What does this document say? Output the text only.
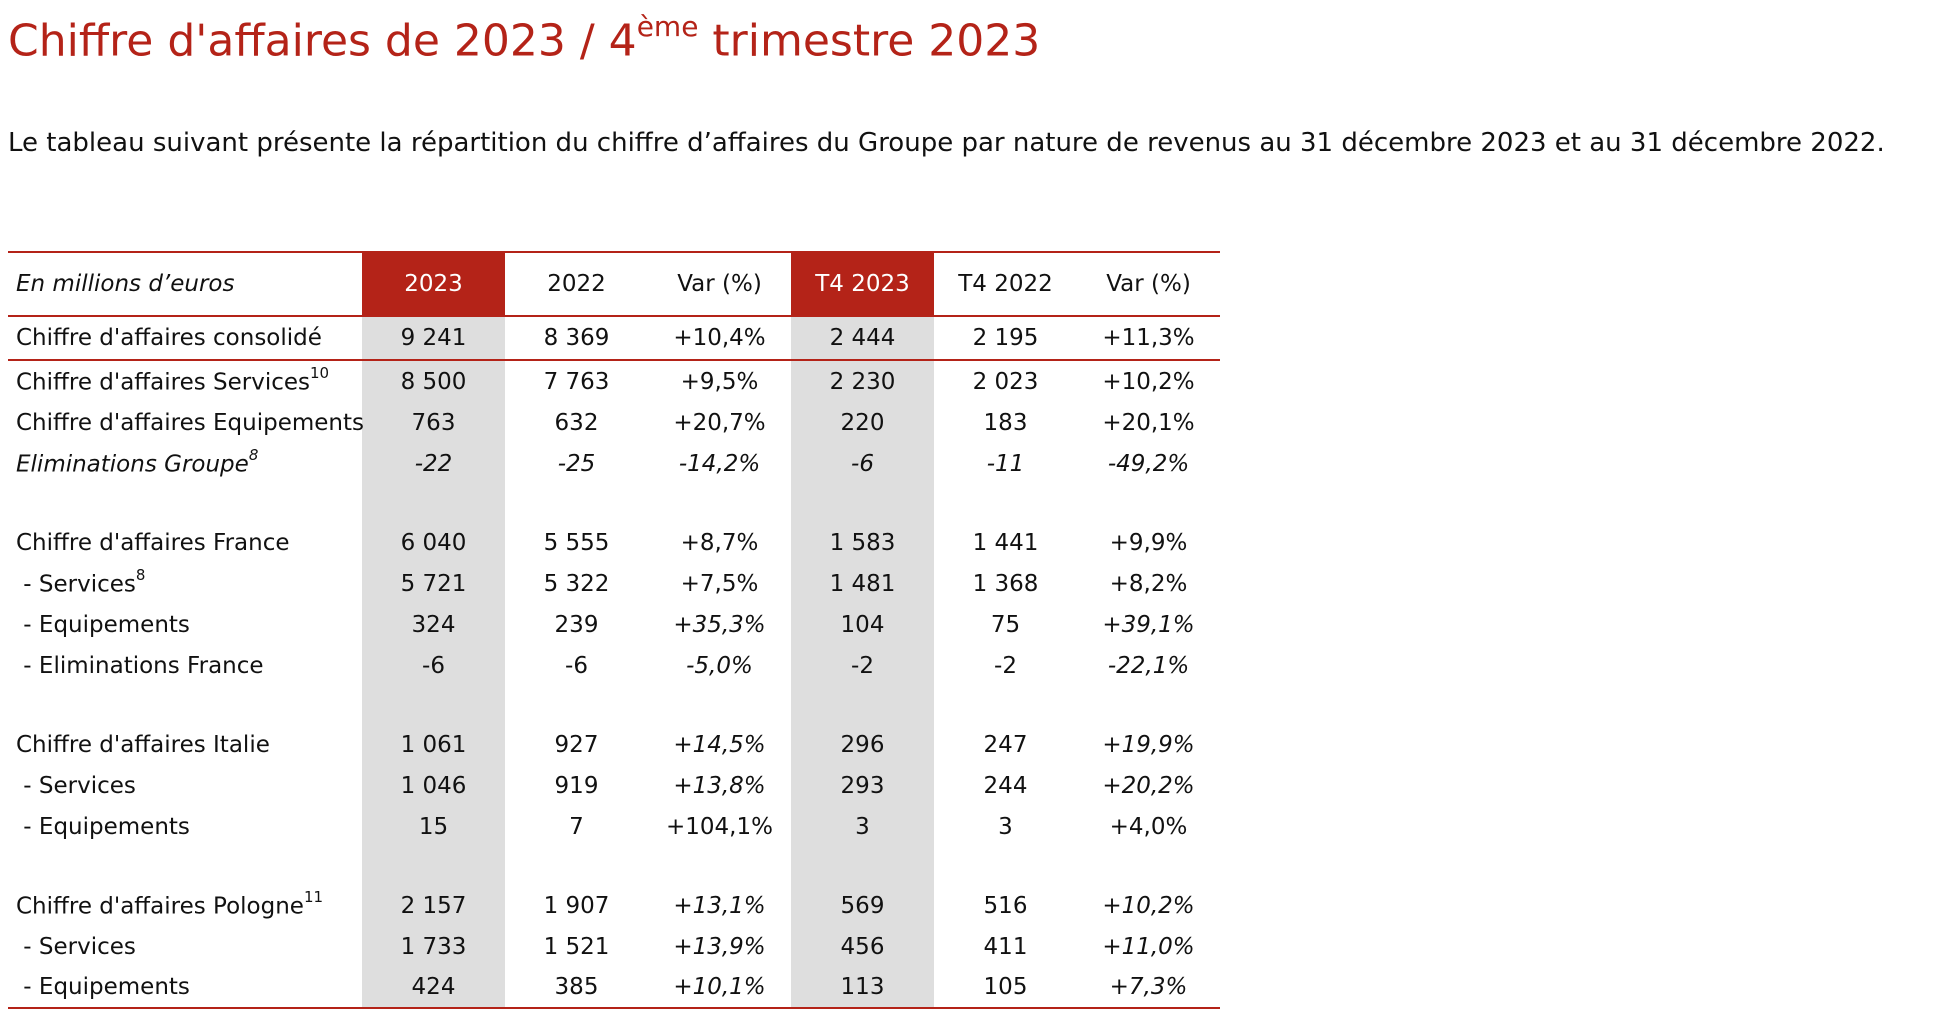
Chiffre d'affaires de 2023 / 4ème trimestre 2023

Le tableau suivant présente la répartition du chiffre d’affaires du Groupe par nature de revenus au 31 décembre 2023 et au 31 décembre 2022.

En millions d’euros	2023	2022	Var (%)	T4 2023	T4 2022	Var (%)
Chiffre d'affaires consolidé	9 241	8 369	+10,4%	2 444	2 195	+11,3%
Chiffre d'affaires Services$^{10}$	8 500	7 763	+9,5%	2 230	2 023	+10,2%
Chiffre d'affaires Equipements	763	632	+20,7%	220	183	+20,1%
Eliminations Groupe$^8$	-22	-25	-14,2%	-6	-11	-49,2%

Chiffre d'affaires France	6 040	5 555	+8,7%	1 583	1 441	+9,9%
- Services$^8$	5 721	5 322	+7,5%	1 481	1 368	+8,2%
- Equipements	324	239	+35,3%	104	75	+39,1%
- Eliminations France	-6	-6	-5,0%	-2	-2	-22,1%

Chiffre d'affaires Italie	1 061	927	+14,5%	296	247	+19,9%
- Services	1 046	919	+13,8%	293	244	+20,2%
- Equipements	15	7	+104,1%	3	3	+4,0%

Chiffre d'affaires Pologne$^{11}$	2 157	1 907	+13,1%	569	516	+10,2%
- Services	1 733	1 521	+13,9%	456	411	+11,0%
- Equipements	424	385	+10,1%	113	105	+7,3%
